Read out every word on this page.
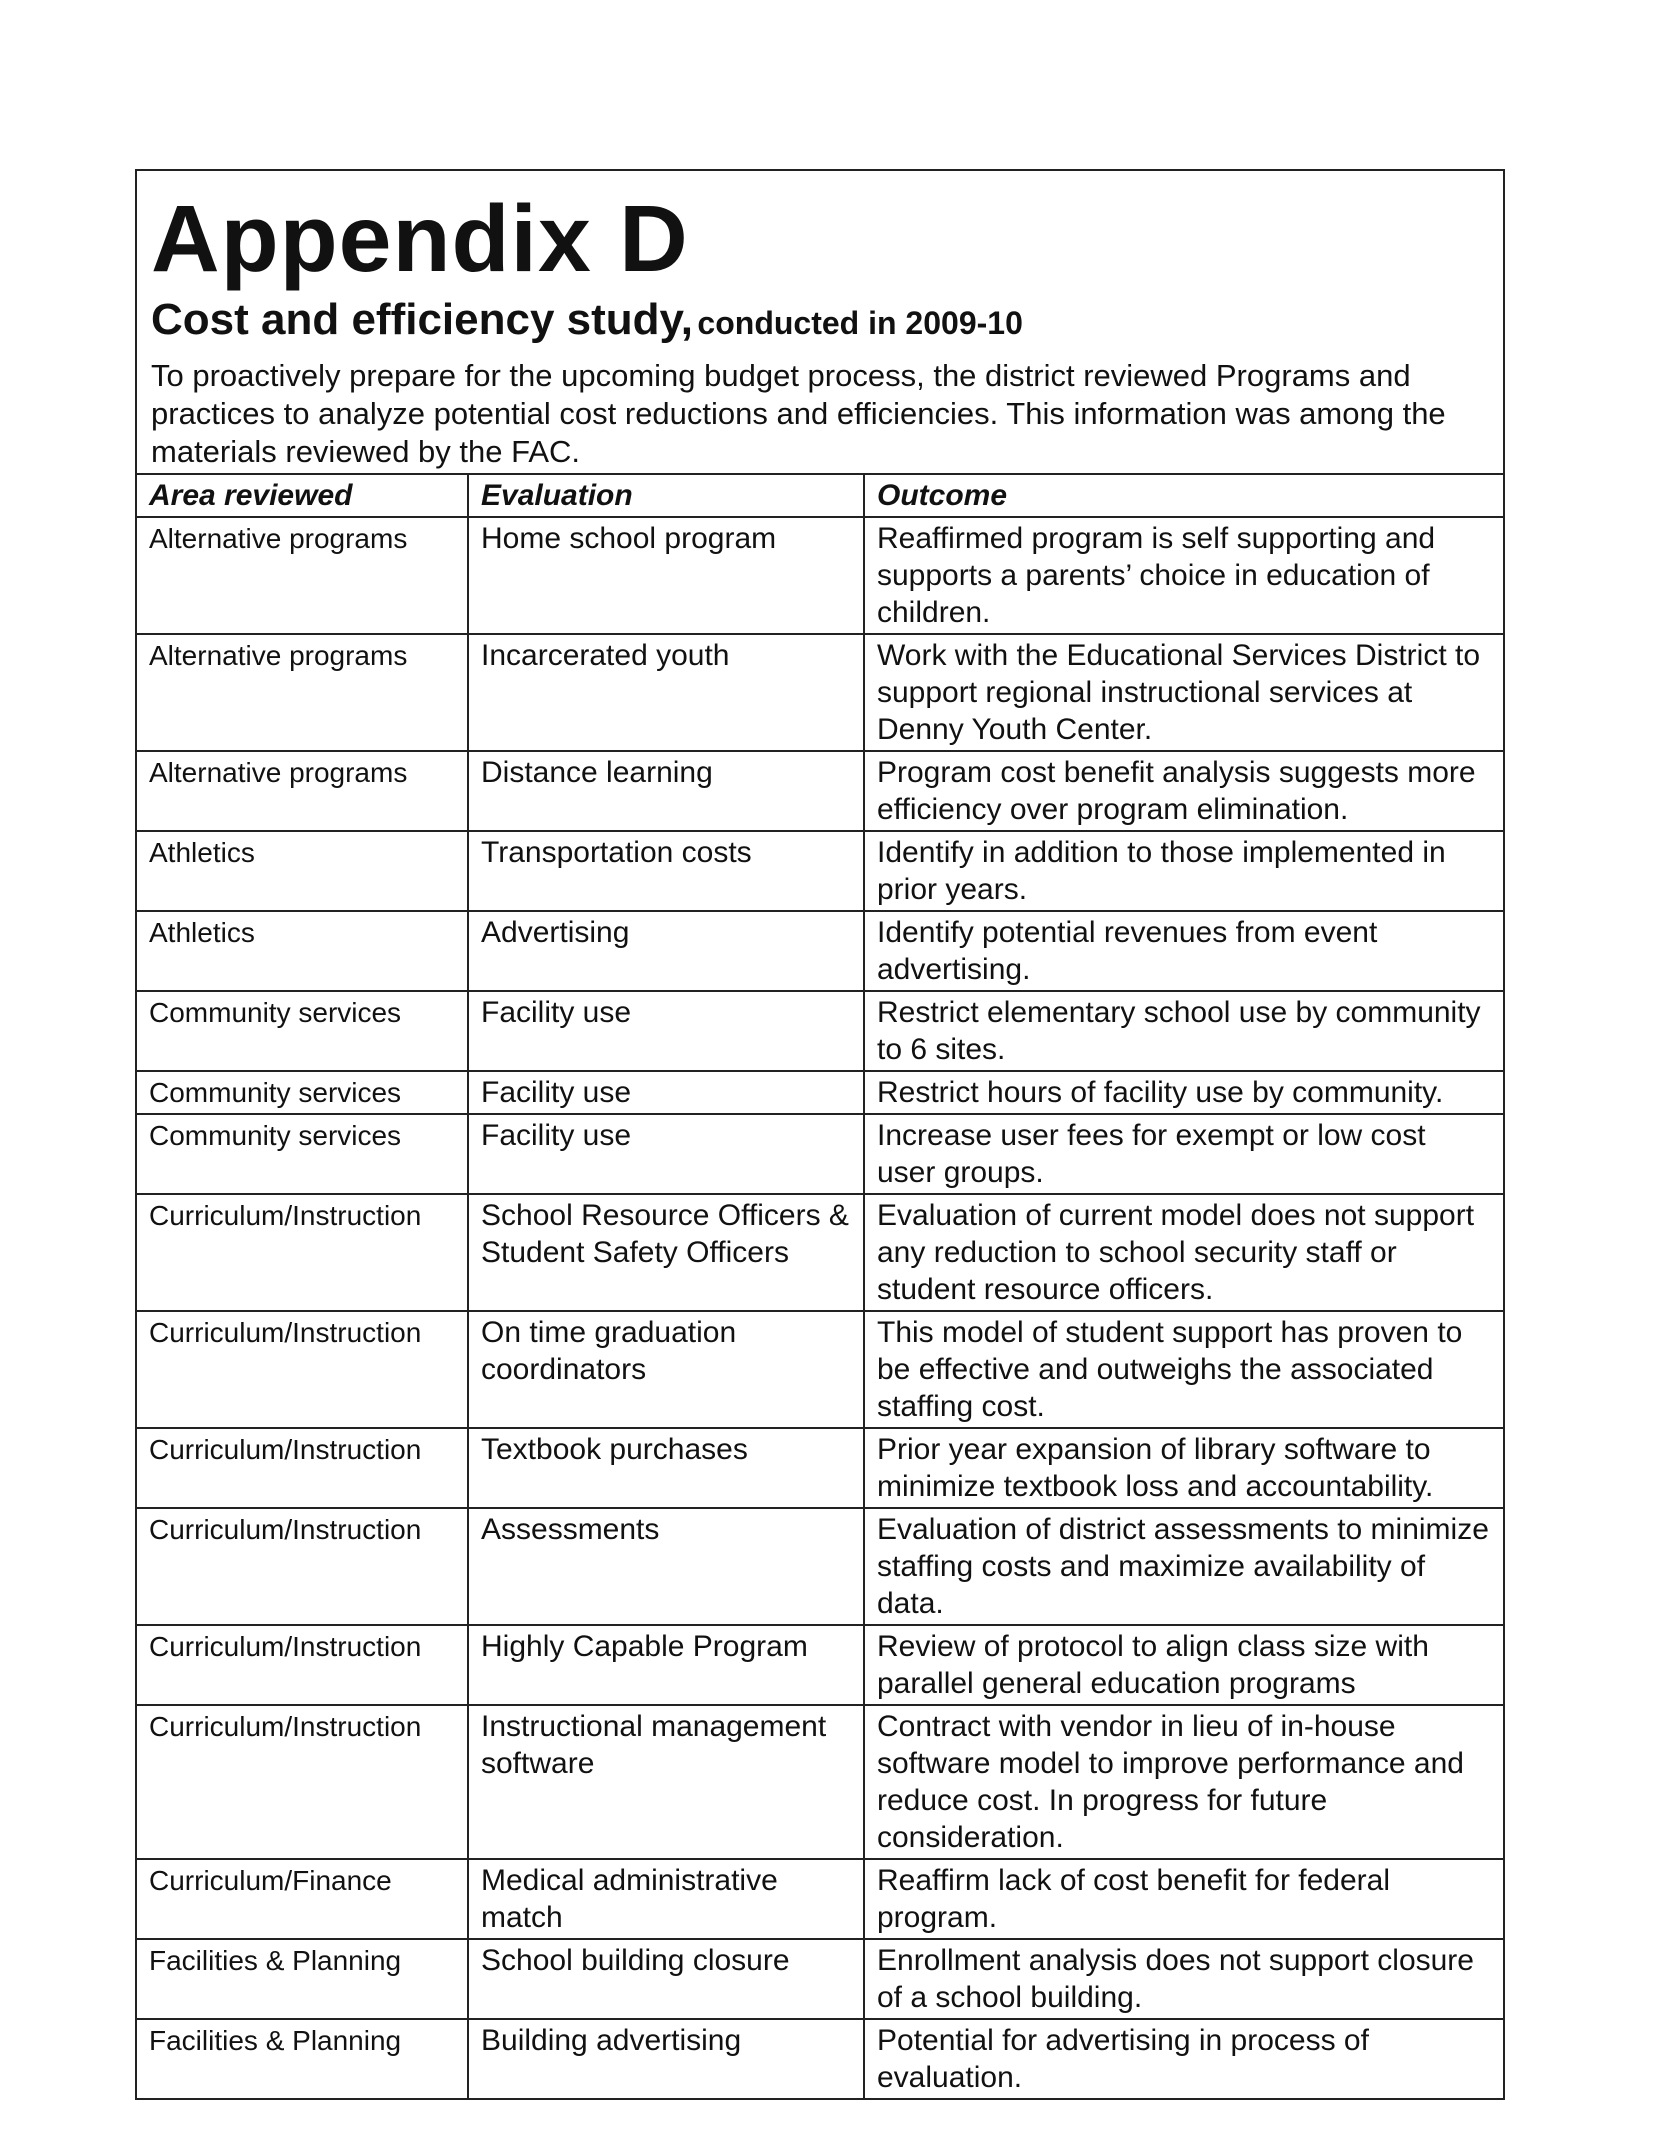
Appendix D
Cost and efficiency study, conducted in 2009-10

To proactively prepare for the upcoming budget process, the district reviewed Programs and practices to analyze potential cost reductions and efficiencies. This information was among the materials reviewed by the FAC.

Area reviewed	Evaluation	Outcome
Alternative programs	Home school program	Reaffirmed program is self supporting and supports a parents’ choice in education of children.
Alternative programs	Incarcerated youth	Work with the Educational Services District to support regional instructional services at Denny Youth Center.
Alternative programs	Distance learning	Program cost benefit analysis suggests more efficiency over program elimination.
Athletics	Transportation costs	Identify in addition to those implemented in prior years.
Athletics	Advertising	Identify potential revenues from event advertising.
Community services	Facility use	Restrict elementary school use by community to 6 sites.
Community services	Facility use	Restrict hours of facility use by community.
Community services	Facility use	Increase user fees for exempt or low cost user groups.
Curriculum/Instruction	School Resource Officers & Student Safety Officers	Evaluation of current model does not support any reduction to school security staff or student resource officers.
Curriculum/Instruction	On time graduation coordinators	This model of student support has proven to be effective and outweighs the associated staffing cost.
Curriculum/Instruction	Textbook purchases	Prior year expansion of library software to minimize textbook loss and accountability.
Curriculum/Instruction	Assessments	Evaluation of district assessments to minimize staffing costs and maximize availability of data.
Curriculum/Instruction	Highly Capable Program	Review of protocol to align class size with parallel general education programs
Curriculum/Instruction	Instructional management software	Contract with vendor in lieu of in-house software model to improve performance and reduce cost. In progress for future consideration.
Curriculum/Finance	Medical administrative match	Reaffirm lack of cost benefit for federal program.
Facilities & Planning	School building closure	Enrollment analysis does not support closure of a school building.
Facilities & Planning	Building advertising	Potential for advertising in process of evaluation.
